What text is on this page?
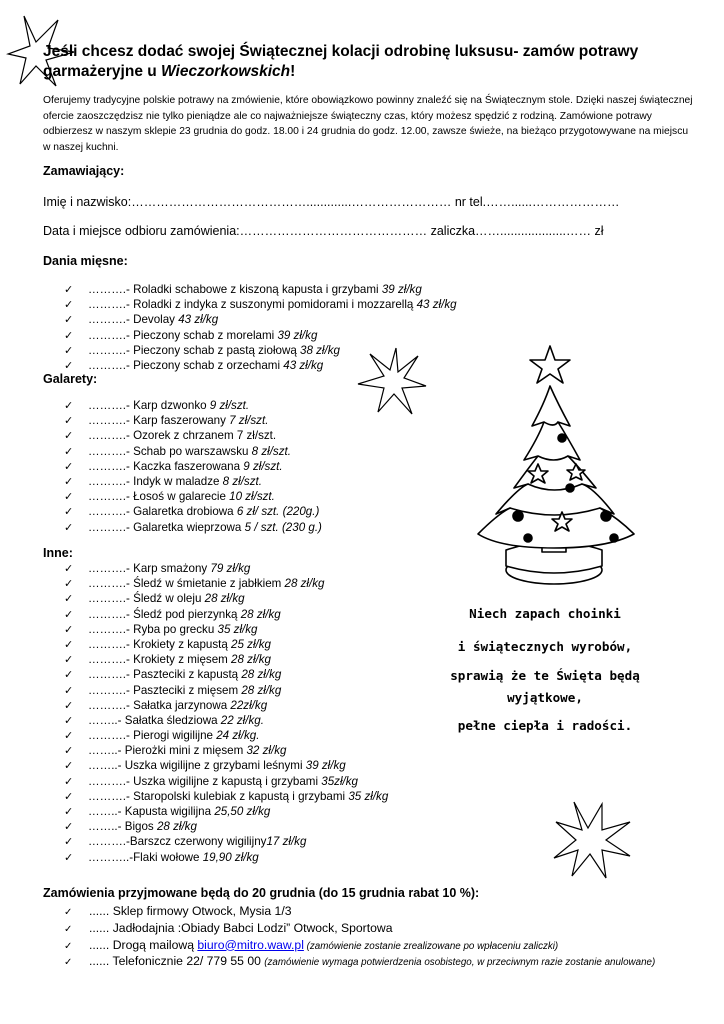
Jeśli chcesz dodać swojej Świątecznej kolacji odrobinę luksusu- zamów potrawy garmażeryjne u Wieczorkowskich!
Oferujemy tradycyjne polskie potrawy na zmówienie, które obowiązkowo powinny znaleźć się na Świątecznym stole. Dzięki naszej świątecznej ofercie zaoszczędzisz nie tylko pieniądze ale co najważniejsze świąteczny czas, który możesz spędzić z rodziną. Zamówione potrawy odbierzesz w naszym sklepie 23 grudnia do godz. 18.00 i 24 grudnia do godz. 12.00, zawsze świeże, na bieżąco przygotowywane na miejscu w naszej kuchni.
Zamawiający:
Imię i nazwisko:…………………………………….............…………………… nr tel.……......…………………
Data i miejsce odbioru zamówienia:……………………………………… zaliczka……...................…… zł
Dania mięsne:
✓ ……….- Roladki schabowe z kiszoną kapusta i grzybami 39 zł/kg
✓ ……….- Roladki z indyka z suszonymi pomidorami i mozzarellą 43 zł/kg
✓ ……….- Devolay 43 zł/kg
✓ ……….- Pieczony schab z morelami 39 zł/kg
✓ ……….- Pieczony schab z pastą ziołową 38 zł/kg
✓ ……….- Pieczony schab z orzechami 43 zł/kg
Galarety:
✓ ……….- Karp dzwonko 9 zł/szt.
✓ ……….- Karp faszerowany 7 zł/szt.
✓ ……….- Ozorek z chrzanem 7 zł/szt.
✓ ……….- Schab po warszawsku 8 zł/szt.
✓ ……….- Kaczka faszerowana 9 zł/szt.
✓ ……….- Indyk w maladze 8 zł/szt.
✓ ……….- Łosoś w galarecie 10 zł/szt.
✓ ……….- Galaretka drobiowa 6 zł/ szt. (220g.)
✓ ……….- Galaretka wieprzowa 5 / szt. (230 g.)
Inne:
✓ ……….- Karp smażony 79 zł/kg
✓ ……….- Śledź w śmietanie z jabłkiem 28 zł/kg
✓ ……….- Śledź w oleju 28 zł/kg
✓ ……….- Śledź pod pierzynką 28 zł/kg
✓ ……….- Ryba po grecku 35 zł/kg
✓ ……….- Krokiety z kapustą 25 zł/kg
✓ ……….- Krokiety z mięsem 28 zł/kg
✓ ……….- Paszteciki z kapustą 28 zł/kg
✓ ……….- Paszteciki z mięsem 28 zł/kg
✓ ……….- Sałatka jarzynowa 22zł/kg
✓ ……..- Sałatka śledziowa 22 zł/kg.
✓ ……….- Pierogi wigilijne 24 zł/kg.
✓ ……..- Pierożki mini z mięsem 32 zł/kg
✓ ……..- Uszka wigilijne z grzybami leśnymi 39 zł/kg
✓ ……….- Uszka wigilijne z kapustą i grzybami 35zł/kg
✓ ……….- Staropolski kulebiak z kapustą i grzybami 35 zł/kg
✓ ……..- Kapusta wigilijna 25,50 zł/kg
✓ ……..- Bigos 28 zł/kg
✓ ……….-Barszcz czerwony wigilijny17 zł/kg
✓ ………..-Flaki wołowe 19,90 zł/kg
Niech zapach choinki
i świątecznych wyrobów,
sprawią że te Święta będą
wyjątkowe,
pełne ciepła i radości.
Zamówienia przyjmowane będą do 20 grudnia (do 15 grudnia rabat 10 %):
✓ ...... Sklep firmowy Otwock, Mysia 1/3
✓ ...... Jadłodajnia :Obiady Babci Lodzi” Otwock, Sportowa
✓ ...... Drogą mailową biuro@mitro.waw.pl (zamówienie zostanie zrealizowane po wpłaceniu zaliczki)
✓ ...... Telefonicznie 22/ 779 55 00 (zamówienie wymaga potwierdzenia osobistego, w przeciwnym razie zostanie anulowane)
